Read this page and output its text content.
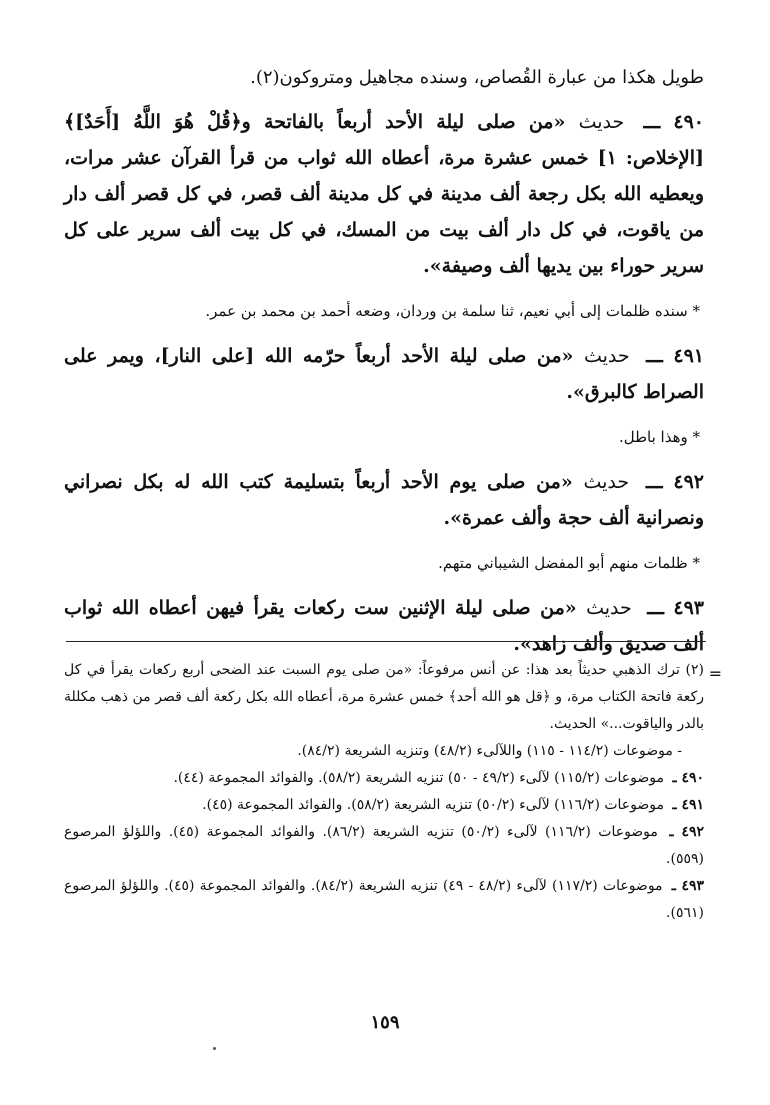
طويل هكذا من عبارة القُصاص، وسنده مجاهيل ومتروكون(٢).

٤٩٠ ـــ حديث «من صلى ليلة الأحد أربعاً بالفاتحة و﴿قُلْ هُوَ اللَّهُ [أَحَدٌ]﴾ [الإخلاص: ١] خمس عشرة مرة، أعطاه الله ثواب من قرأ القرآن عشر مرات، ويعطيه الله بكل رجعة ألف مدينة في كل مدينة ألف قصر، في كل قصر ألف دار من ياقوت، في كل دار ألف بيت من المسك، في كل بيت ألف سرير على كل سرير حوراء بين يديها ألف وصيفة».

* سنده ظلمات إلى أبي نعيم، ثنا سلمة بن وردان، وضعه أحمد بن محمد بن عمر.

٤٩١ ـــ حديث «من صلى ليلة الأحد أربعاً حرّمه الله [على النار]، ويمر على الصراط كالبرق».

* وهذا باطل.

٤٩٢ ـــ حديث «من صلى يوم الأحد أربعاً بتسليمة كتب الله له بكل نصراني ونصرانية ألف حجة وألف عمرة».

* ظلمات منهم أبو المفضل الشيباني متهم.

٤٩٣ ـــ حديث «من صلى ليلة الإثنين ست ركعات يقرأ فيهن أعطاه الله ثواب ألف صديق وألف زاهد».

=

(٢) ترك الذهبي حديثاً بعد هذا: عن أنس مرفوعاً: «من صلى يوم السبت عند الضحى أربع ركعات يقرأ في كل ركعة فاتحة الكتاب مرة، و ﴿قل هو الله أحد﴾ خمس عشرة مرة، أعطاه الله بكل ركعة ألف قصر من ذهب مكللة بالدر والياقوت...» الحديث.

- موضوعات (١١٤/٢ - ١١٥) واللآلىء (٤٨/٢) وتنزيه الشريعة (٨٤/٢).

٤٩٠ ـ موضوعات (١١٥/٢) لآلىء (٤٩/٢ - ٥٠) تنزيه الشريعة (٥٨/٢). والفوائد المجموعة (٤٤).

٤٩١ ـ موضوعات (١١٦/٢) لآلىء (٥٠/٢) تنزيه الشريعة (٥٨/٢). والفوائد المجموعة (٤٥).

٤٩٢ ـ موضوعات (١١٦/٢) لآلىء (٥٠/٢) تنزيه الشريعة (٨٦/٢). والفوائد المجموعة (٤٥). واللؤلؤ المرصوع (٥٥٩).

٤٩٣ ـ موضوعات (١١٧/٢) لآلىء (٤٨/٢ - ٤٩) تنزيه الشريعة (٨٤/٢). والفوائد المجموعة (٤٥). واللؤلؤ المرصوع (٥٦١).

١٥٩
